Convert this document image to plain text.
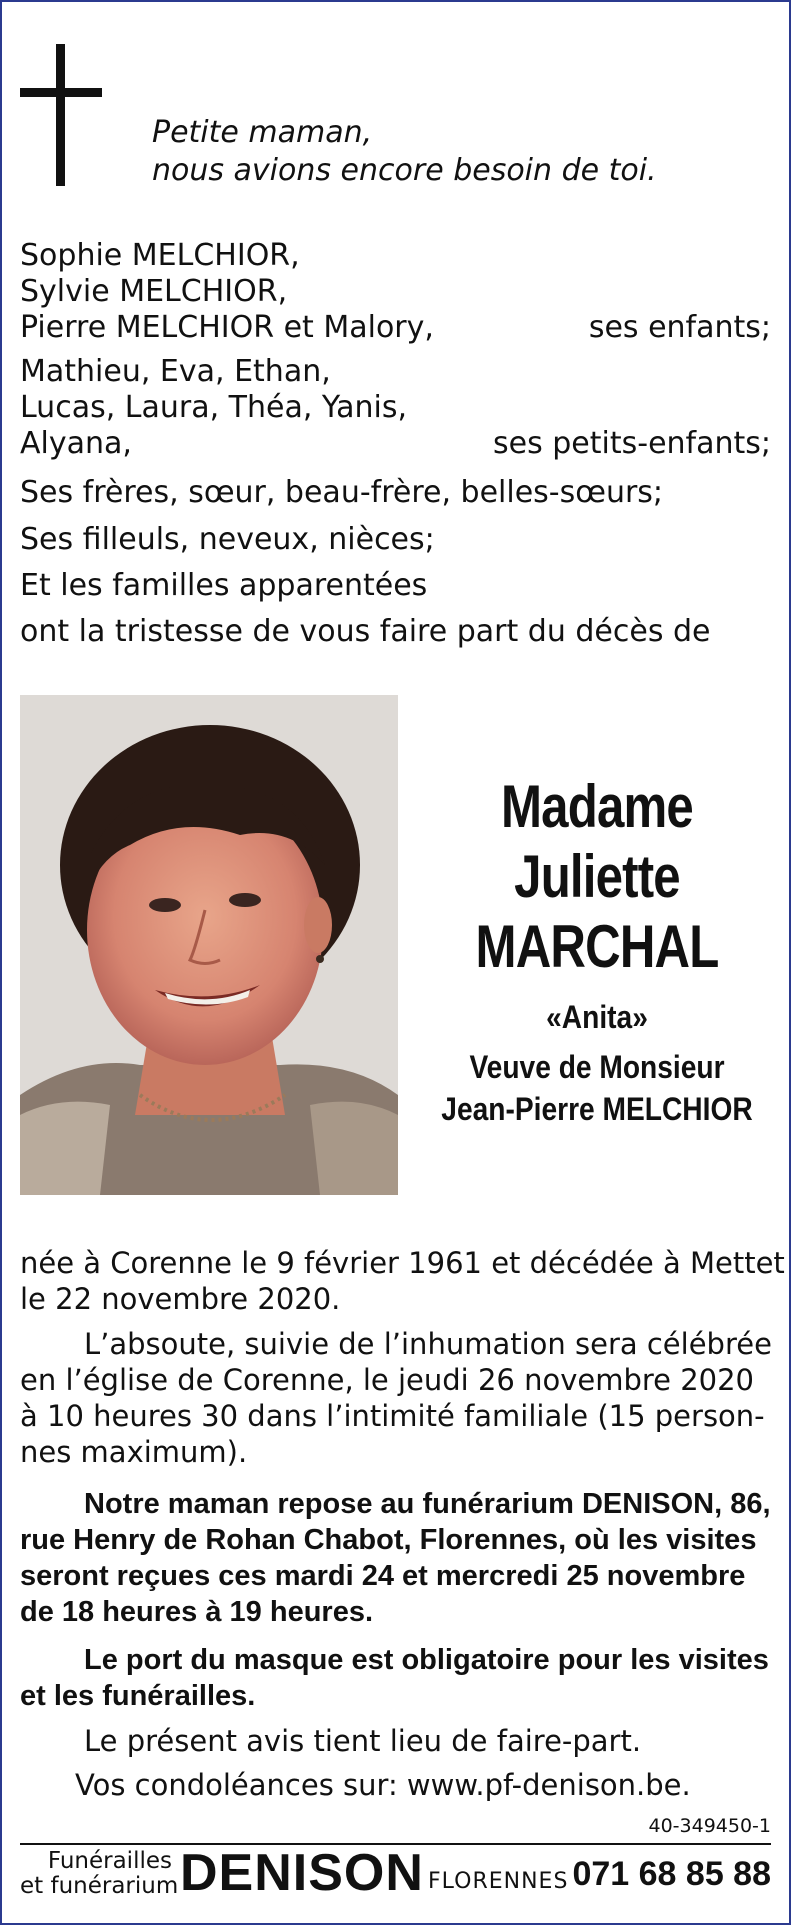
Petite maman,
nous avions encore besoin de toi.
Sophie MELCHIOR,
Sylvie MELCHIOR,
Pierre MELCHIOR et Malory,	ses enfants;
Mathieu, Eva, Ethan,
Lucas, Laura, Théa, Yanis,
Alyana,	ses petits-enfants;
Ses frères, sœur, beau-frère, belles-sœurs;
Ses filleuls, neveux, nièces;
Et les familles apparentées
ont la tristesse de vous faire part du décès de
Madame
Juliette
MARCHAL
«Anita»
Veuve de Monsieur
Jean-Pierre MELCHIOR
née à Corenne le 9 février 1961 et décédée à Mettet
le 22 novembre 2020.
L’absoute, suivie de l’inhumation sera célébrée
en l’église de Corenne, le jeudi 26 novembre 2020
à 10 heures 30 dans l’intimité familiale (15 person-
nes maximum).
Notre maman repose au funérarium DENISON, 86,
rue Henry de Rohan Chabot, Florennes, où les visites
seront reçues ces mardi 24 et mercredi 25 novembre
de 18 heures à 19 heures.
Le port du masque est obligatoire pour les visites
et les funérailles.
Le présent avis tient lieu de faire-part.
Vos condoléances sur: www.pf-denison.be.
40-349450-1
Funérailles
et funérarium DENISON FLORENNES 071 68 85 88
